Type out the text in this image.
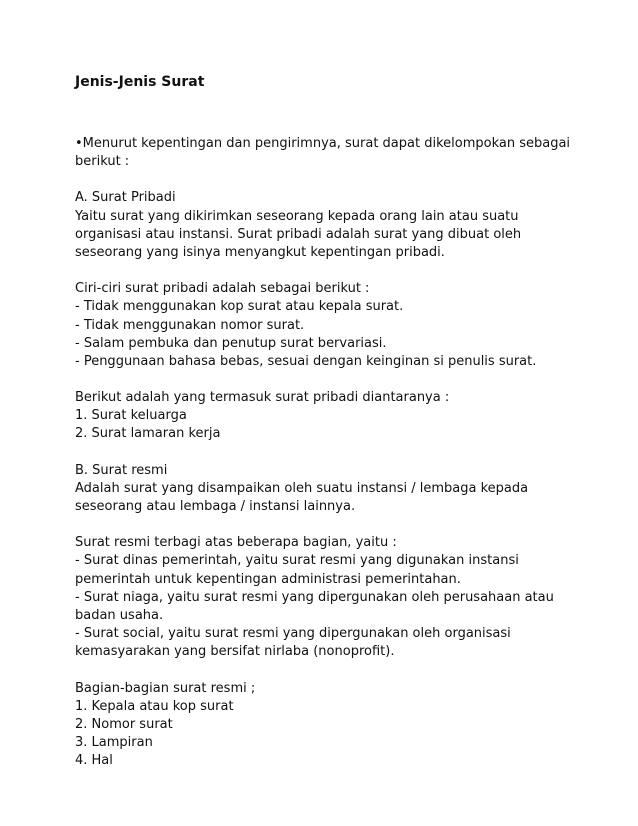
Jenis-Jenis Surat
•Menurut kepentingan dan pengirimnya, surat dapat dikelompokan sebagai
berikut :
A. Surat Pribadi
Yaitu surat yang dikirimkan seseorang kepada orang lain atau suatu
organisasi atau instansi. Surat pribadi adalah surat yang dibuat oleh
seseorang yang isinya menyangkut kepentingan pribadi.
Ciri-ciri surat pribadi adalah sebagai berikut :
- Tidak menggunakan kop surat atau kepala surat.
- Tidak menggunakan nomor surat.
- Salam pembuka dan penutup surat bervariasi.
- Penggunaan bahasa bebas, sesuai dengan keinginan si penulis surat.
Berikut adalah yang termasuk surat pribadi diantaranya :
1. Surat keluarga
2. Surat lamaran kerja
B. Surat resmi
Adalah surat yang disampaikan oleh suatu instansi / lembaga kepada
seseorang atau lembaga / instansi lainnya.
Surat resmi terbagi atas beberapa bagian, yaitu :
- Surat dinas pemerintah, yaitu surat resmi yang digunakan instansi
pemerintah untuk kepentingan administrasi pemerintahan.
- Surat niaga, yaitu surat resmi yang dipergunakan oleh perusahaan atau
badan usaha.
- Surat social, yaitu surat resmi yang dipergunakan oleh organisasi
kemasyarakan yang bersifat nirlaba (nonoprofit).
Bagian-bagian surat resmi ;
1. Kepala atau kop surat
2. Nomor surat
3. Lampiran
4. Hal
